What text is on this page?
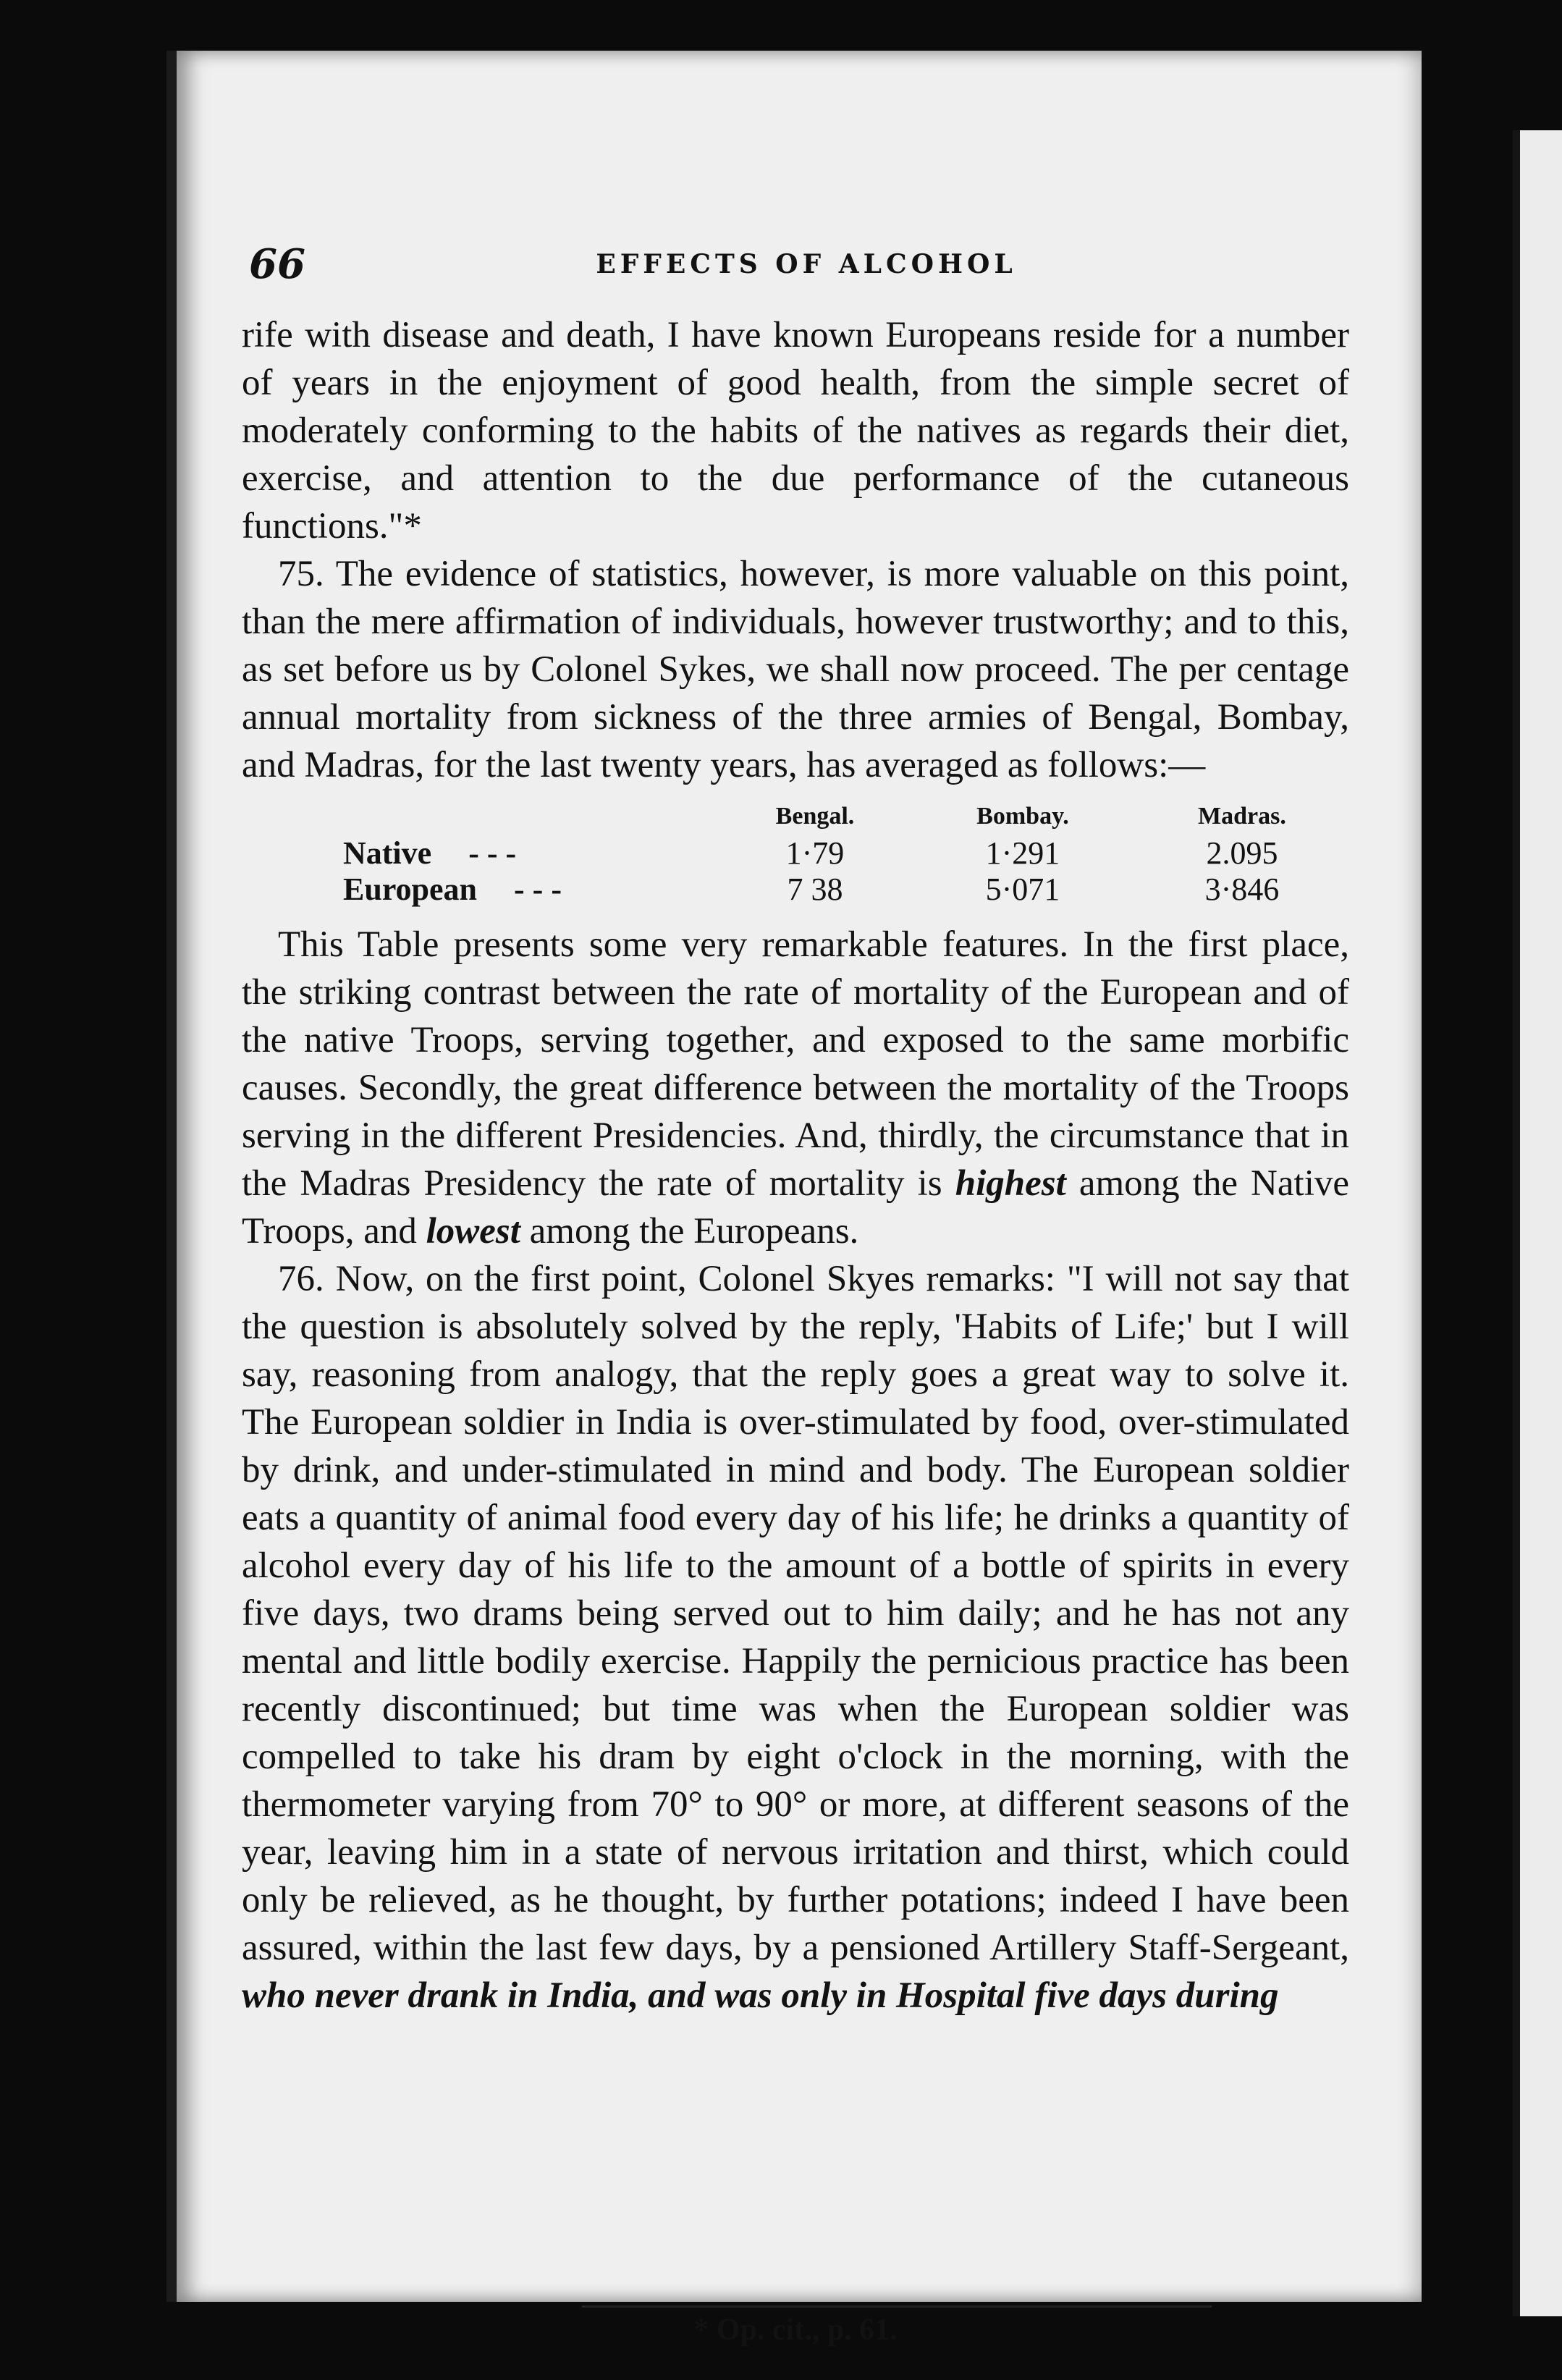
66	EFFECTS OF ALCOHOL

rife with disease and death, I have known Europeans reside for a number of years in the enjoyment of good health, from the simple secret of moderately conforming to the habits of the natives as regards their diet, exercise, and attention to the due performance of the cutaneous functions."*

75. The evidence of statistics, however, is more valuable on this point, than the mere affirmation of individuals, however trustworthy; and to this, as set before us by Colonel Sykes, we shall now proceed. The per centage annual mortality from sickness of the three armies of Bengal, Bombay, and Madras, for the last twenty years, has averaged as follows:—

	Bengal.	Bombay.	Madras.
Native - - -	1·79	1·291	2.095
European - - -	7 38	5·071	3·846

This Table presents some very remarkable features. In the first place, the striking contrast between the rate of mortality of the European and of the native Troops, serving together, and exposed to the same morbific causes. Secondly, the great difference between the mortality of the Troops serving in the different Presidencies. And, thirdly, the circumstance that in the Madras Presidency the rate of mortality is highest among the Native Troops, and lowest among the Europeans.

76. Now, on the first point, Colonel Skyes remarks: "I will not say that the question is absolutely solved by the reply, 'Habits of Life;' but I will say, reasoning from analogy, that the reply goes a great way to solve it. The European soldier in India is over-stimulated by food, over-stimulated by drink, and under-stimulated in mind and body. The European soldier eats a quantity of animal food every day of his life; he drinks a quantity of alcohol every day of his life to the amount of a bottle of spirits in every five days, two drams being served out to him daily; and he has not any mental and little bodily exercise. Happily the pernicious practice has been recently discontinued; but time was when the European soldier was compelled to take his dram by eight o'clock in the morning, with the thermometer varying from 70° to 90° or more, at different seasons of the year, leaving him in a state of nervous irritation and thirst, which could only be relieved, as he thought, by further potations; indeed I have been assured, within the last few days, by a pensioned Artillery Staff-Sergeant, who never drank in India, and was only in Hospital five days during

* Op. cit., p. 61.
